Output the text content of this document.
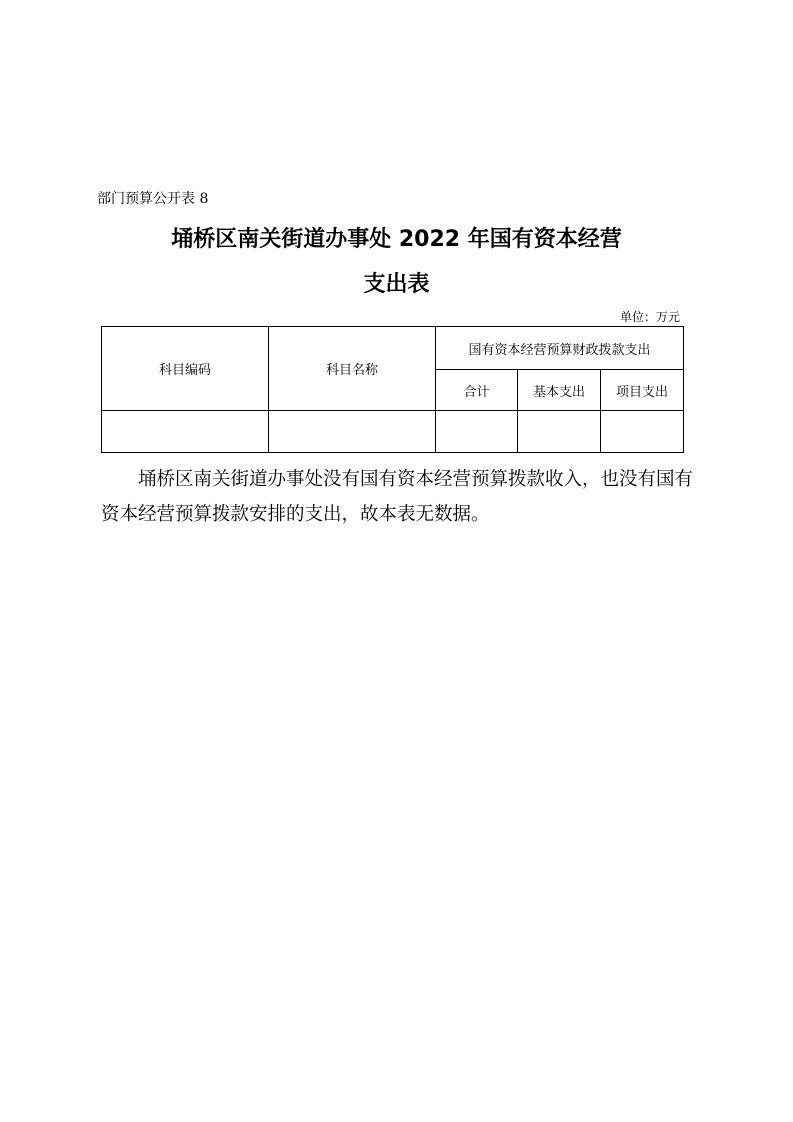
部门预算公开表 8
埇桥区南关街道办事处 2022 年国有资本经营
支出表
单位：万元
科目编码	科目名称	国有资本经营预算财政拨款支出		
		合计	基本支出	项目支出

埇桥区南关街道办事处没有国有资本经营预算拨款收入，也没有国有资本经营预算拨款安排的支出，故本表无数据。
